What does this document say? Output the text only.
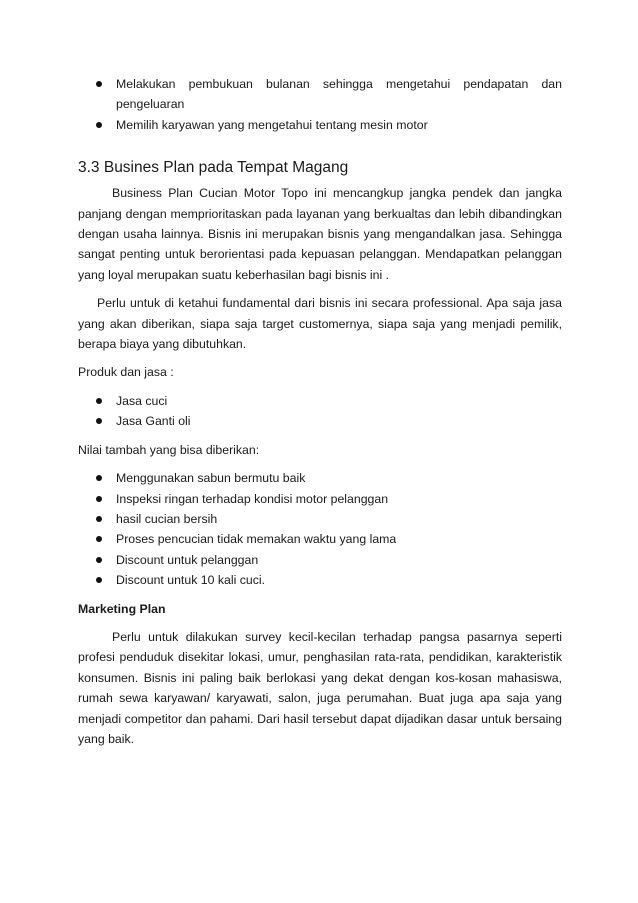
Melakukan pembukuan bulanan sehingga mengetahui pendapatan dan pengeluaran
Memilih karyawan yang mengetahui tentang mesin motor
3.3 Busines Plan pada Tempat Magang

Business Plan Cucian Motor Topo ini mencangkup jangka pendek dan jangka panjang dengan memprioritaskan pada layanan yang berkualtas dan lebih dibandingkan dengan usaha lainnya. Bisnis ini merupakan bisnis yang mengandalkan jasa. Sehingga sangat penting untuk berorientasi pada kepuasan pelanggan. Mendapatkan pelanggan yang loyal merupakan suatu keberhasilan bagi bisnis ini .

Perlu untuk di ketahui fundamental dari bisnis ini secara professional. Apa saja jasa yang akan diberikan, siapa saja target customernya, siapa saja yang menjadi pemilik, berapa biaya yang dibutuhkan.

Produk dan jasa :

Jasa cuci
Jasa Ganti oli

Nilai tambah yang bisa diberikan:

Menggunakan sabun bermutu baik
Inspeksi ringan terhadap kondisi motor pelanggan
hasil cucian bersih
Proses pencucian tidak memakan waktu yang lama
Discount untuk pelanggan
Discount untuk 10 kali cuci.

Marketing Plan

Perlu untuk dilakukan survey kecil-kecilan terhadap pangsa pasarnya seperti profesi penduduk disekitar lokasi, umur, penghasilan rata-rata, pendidikan, karakteristik konsumen. Bisnis ini paling baik berlokasi yang dekat dengan kos-kosan mahasiswa, rumah sewa karyawan/ karyawati, salon, juga perumahan. Buat juga apa saja yang menjadi competitor dan pahami. Dari hasil tersebut dapat dijadikan dasar untuk bersaing yang baik.
